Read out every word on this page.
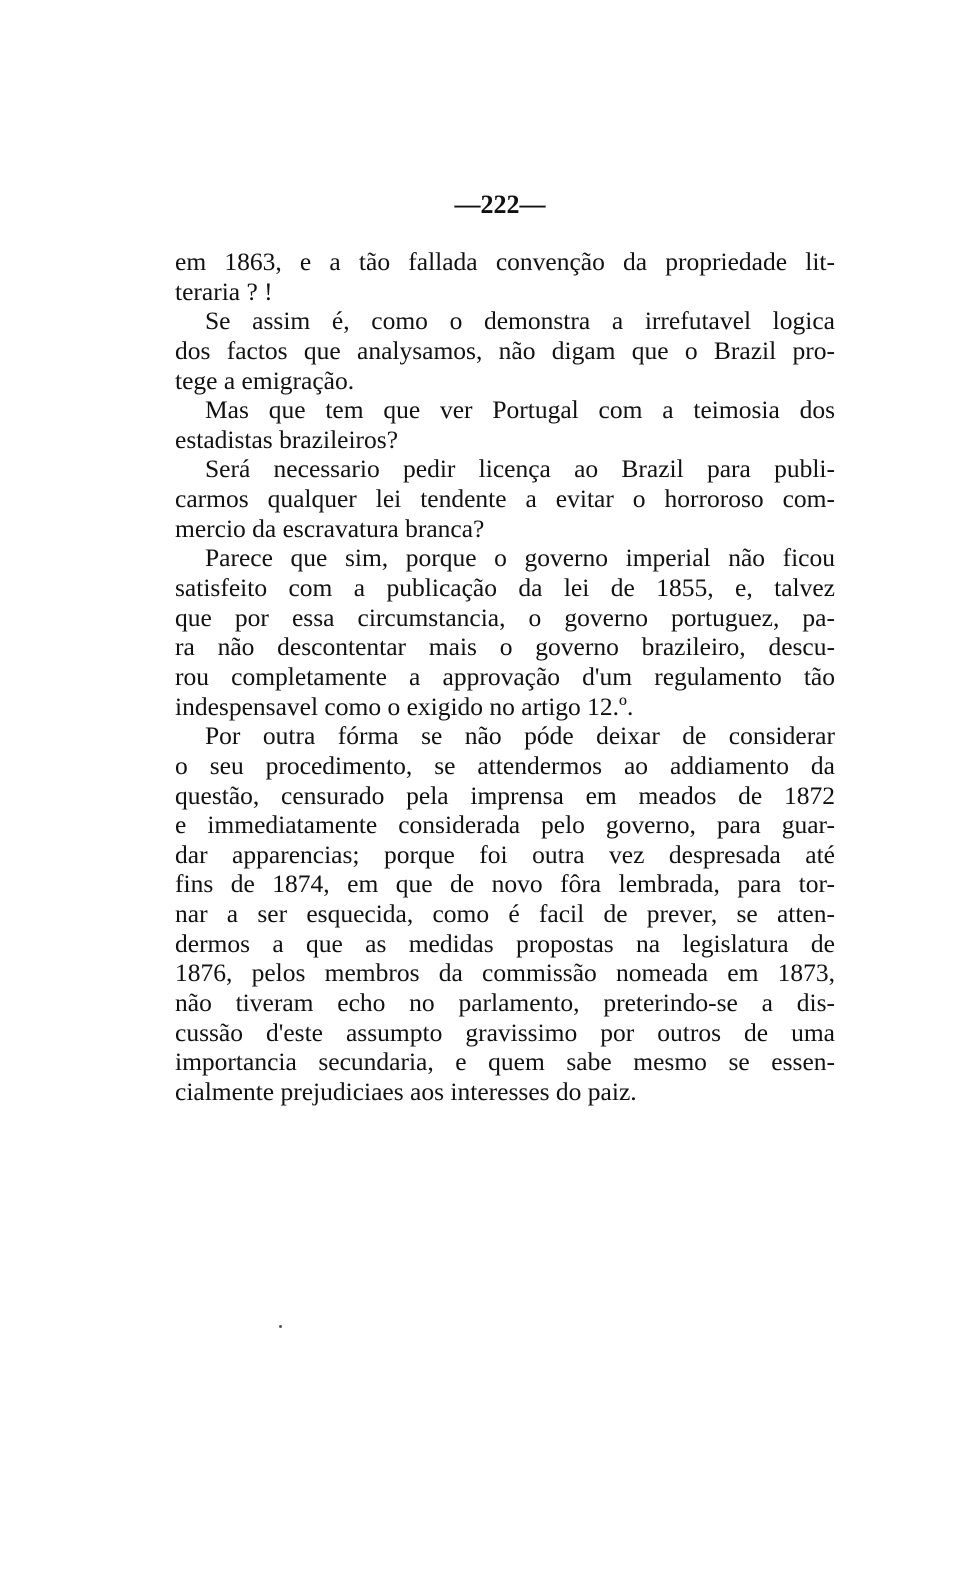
—222—
em 1863, e a tão fallada convenção da propriedade lit-
teraria ? !
Se assim é, como o demonstra a irrefutavel logica
dos factos que analysamos, não digam que o Brazil pro-
tege a emigração.
Mas que tem que ver Portugal com a teimosia dos
estadistas brazileiros?
Será necessario pedir licença ao Brazil para publi-
carmos qualquer lei tendente a evitar o horroroso com-
mercio da escravatura branca?
Parece que sim, porque o governo imperial não ficou
satisfeito com a publicação da lei de 1855, e, talvez
que por essa circumstancia, o governo portuguez, pa-
ra não descontentar mais o governo brazileiro, descu-
rou completamente a approvação d'um regulamento tão
indespensavel como o exigido no artigo 12.º.
Por outra fórma se não póde deixar de considerar
o seu procedimento, se attendermos ao addiamento da
questão, censurado pela imprensa em meados de 1872
e immediatamente considerada pelo governo, para guar-
dar apparencias; porque foi outra vez despresada até
fins de 1874, em que de novo fôra lembrada, para tor-
nar a ser esquecida, como é facil de prever, se atten-
dermos a que as medidas propostas na legislatura de
1876, pelos membros da commissão nomeada em 1873,
não tiveram echo no parlamento, preterindo-se a dis-
cussão d'este assumpto gravissimo por outros de uma
importancia secundaria, e quem sabe mesmo se essen-
cialmente prejudiciaes aos interesses do paiz.
